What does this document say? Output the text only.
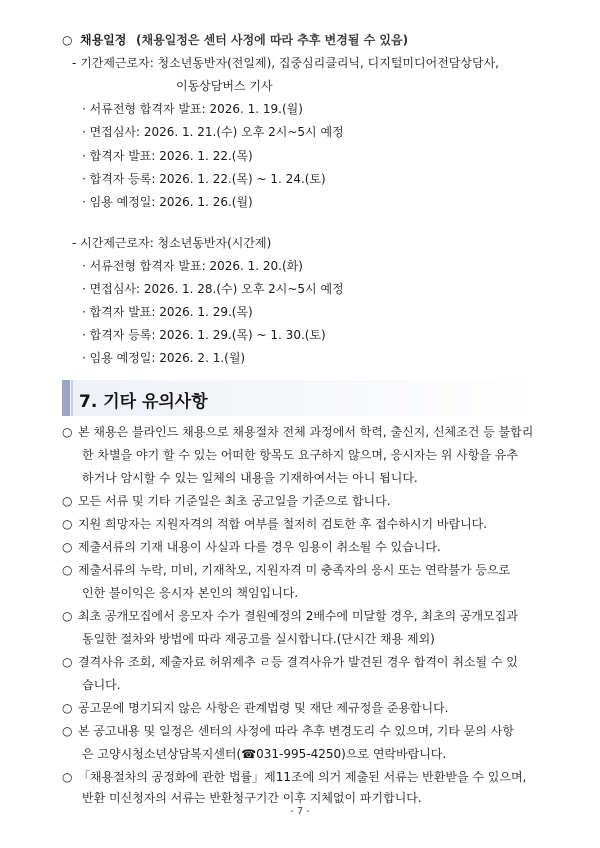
○ 채용일정 (채용일정은 센터 사정에 따라 추후 변경될 수 있음)
- 기간제근로자: 청소년동반자(전일제), 집중심리클리닉, 디지털미디어전담상담사,
이동상담버스 기사
· 서류전형 합격자 발표: 2026. 1. 19.(월)
· 면접심사: 2026. 1. 21.(수) 오후 2시~5시 예정
· 합격자 발표: 2026. 1. 22.(목)
· 합격자 등록: 2026. 1. 22.(목) ~ 1. 24.(토)
· 임용 예정일: 2026. 1. 26.(월)
- 시간제근로자: 청소년동반자(시간제)
· 서류전형 합격자 발표: 2026. 1. 20.(화)
· 면접심사: 2026. 1. 28.(수) 오후 2시~5시 예정
· 합격자 발표: 2026. 1. 29.(목)
· 합격자 등록: 2026. 1. 29.(목) ~ 1. 30.(토)
· 임용 예정일: 2026. 2. 1.(월)
7. 기타 유의사항
○ 본 채용은 블라인드 채용으로 채용절차 전체 과정에서 학력, 출신지, 신체조건 등 불합리
한 차별을 야기 할 수 있는 어떠한 항목도 요구하지 않으며, 응시자는 위 사항을 유추
하거나 암시할 수 있는 일체의 내용을 기재하여서는 아니 됩니다.
○ 모든 서류 및 기타 기준일은 최초 공고일을 기준으로 합니다.
○ 지원 희망자는 지원자격의 적합 여부를 철저히 검토한 후 접수하시기 바랍니다.
○ 제출서류의 기재 내용이 사실과 다를 경우 임용이 취소될 수 있습니다.
○ 제출서류의 누락, 미비, 기재착오, 지원자격 미 충족자의 응시 또는 연락불가 등으로
인한 불이익은 응시자 본인의 책임입니다.
○ 최초 공개모집에서 응모자 수가 결원예정의 2배수에 미달할 경우, 최초의 공개모집과
동일한 절차와 방법에 따라 재공고를 실시합니다.(단시간 채용 제외)
○ 결격사유 조회, 제출자료 허위제추 ㄹ등 결격사유가 발견된 경우 합격이 취소될 수 있
습니다.
○ 공고문에 명기되지 않은 사항은 관계법령 및 재단 제규정을 준용합니다.
○ 본 공고내용 및 일정은 센터의 사정에 따라 추후 변경도리 수 있으며, 기타 문의 사항
은 고양시청소년상담복지센터(☎031-995-4250)으로 연락바랍니다.
○ 「채용절차의 공정화에 관한 법률」제11조에 의거 제출된 서류는 반환받을 수 있으며,
반환 미신청자의 서류는 반환청구기간 이후 지체없이 파기합니다.
- 7 -
